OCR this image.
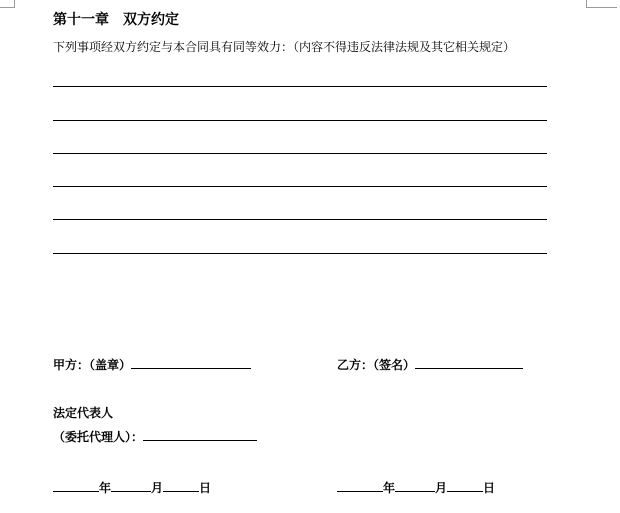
第十一章 双方约定
下列事项经双方约定与本合同具有同等效力：（内容不得违反法律法规及其它相关规定）
甲方：（盖章）	乙方：（签名）
法定代表人
（委托代理人）：
年	月	日	年	月	日
